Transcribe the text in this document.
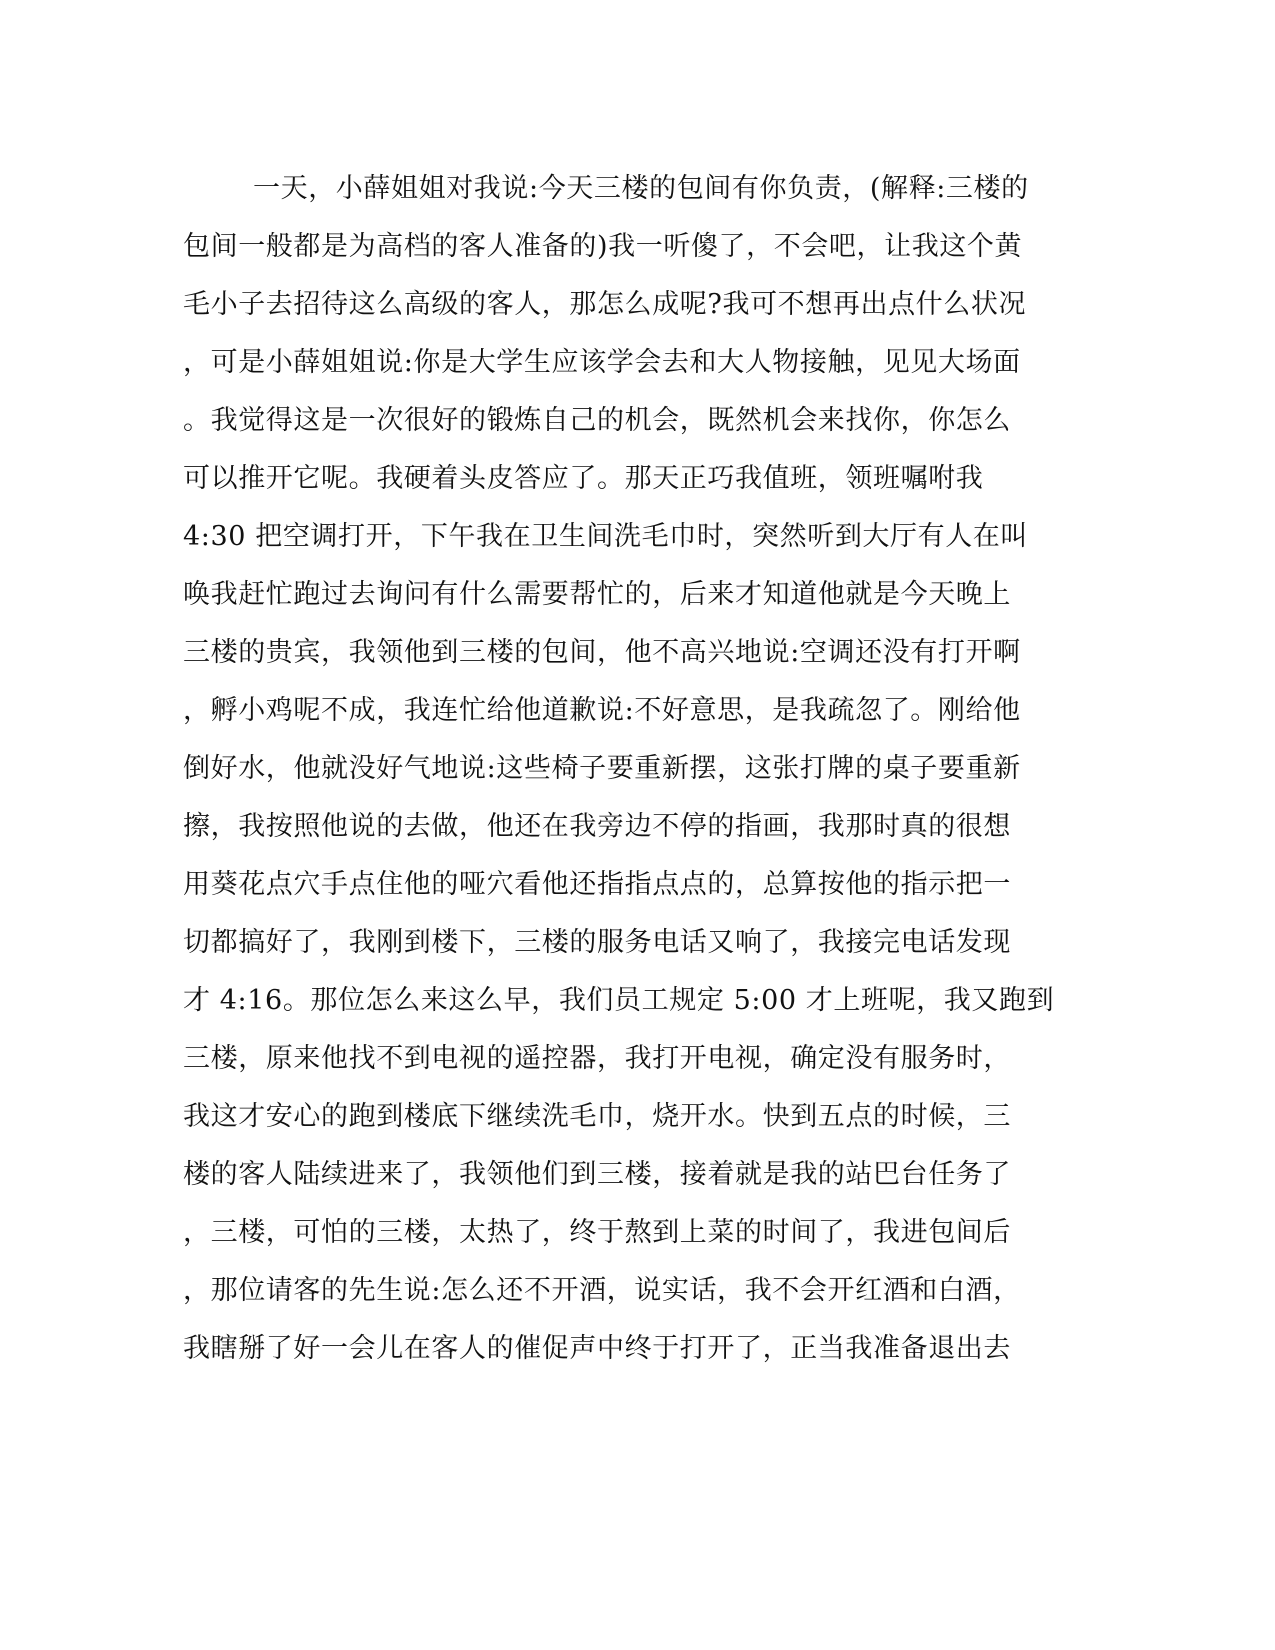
一天，小薛姐姐对我说:今天三楼的包间有你负责，(解释:三楼的
包间一般都是为高档的客人准备的)我一听傻了，不会吧，让我这个黄
毛小子去招待这么高级的客人，那怎么成呢?我可不想再出点什么状况
，可是小薛姐姐说:你是大学生应该学会去和大人物接触，见见大场面
。我觉得这是一次很好的锻炼自己的机会，既然机会来找你，你怎么
可以推开它呢。我硬着头皮答应了。那天正巧我值班，领班嘱咐我
4:30 把空调打开，下午我在卫生间洗毛巾时，突然听到大厅有人在叫
唤我赶忙跑过去询问有什么需要帮忙的，后来才知道他就是今天晚上
三楼的贵宾，我领他到三楼的包间，他不高兴地说:空调还没有打开啊
，孵小鸡呢不成，我连忙给他道歉说:不好意思，是我疏忽了。刚给他
倒好水，他就没好气地说:这些椅子要重新摆，这张打牌的桌子要重新
擦，我按照他说的去做，他还在我旁边不停的指画，我那时真的很想
用葵花点穴手点住他的哑穴看他还指指点点的，总算按他的指示把一
切都搞好了，我刚到楼下，三楼的服务电话又响了，我接完电话发现
才 4:16。那位怎么来这么早，我们员工规定 5:00 才上班呢，我又跑到
三楼，原来他找不到电视的遥控器，我打开电视，确定没有服务时，
我这才安心的跑到楼底下继续洗毛巾，烧开水。快到五点的时候，三
楼的客人陆续进来了，我领他们到三楼，接着就是我的站巴台任务了
，三楼，可怕的三楼，太热了，终于熬到上菜的时间了，我进包间后
，那位请客的先生说:怎么还不开酒，说实话，我不会开红酒和白酒，
我瞎掰了好一会儿在客人的催促声中终于打开了，正当我准备退出去
